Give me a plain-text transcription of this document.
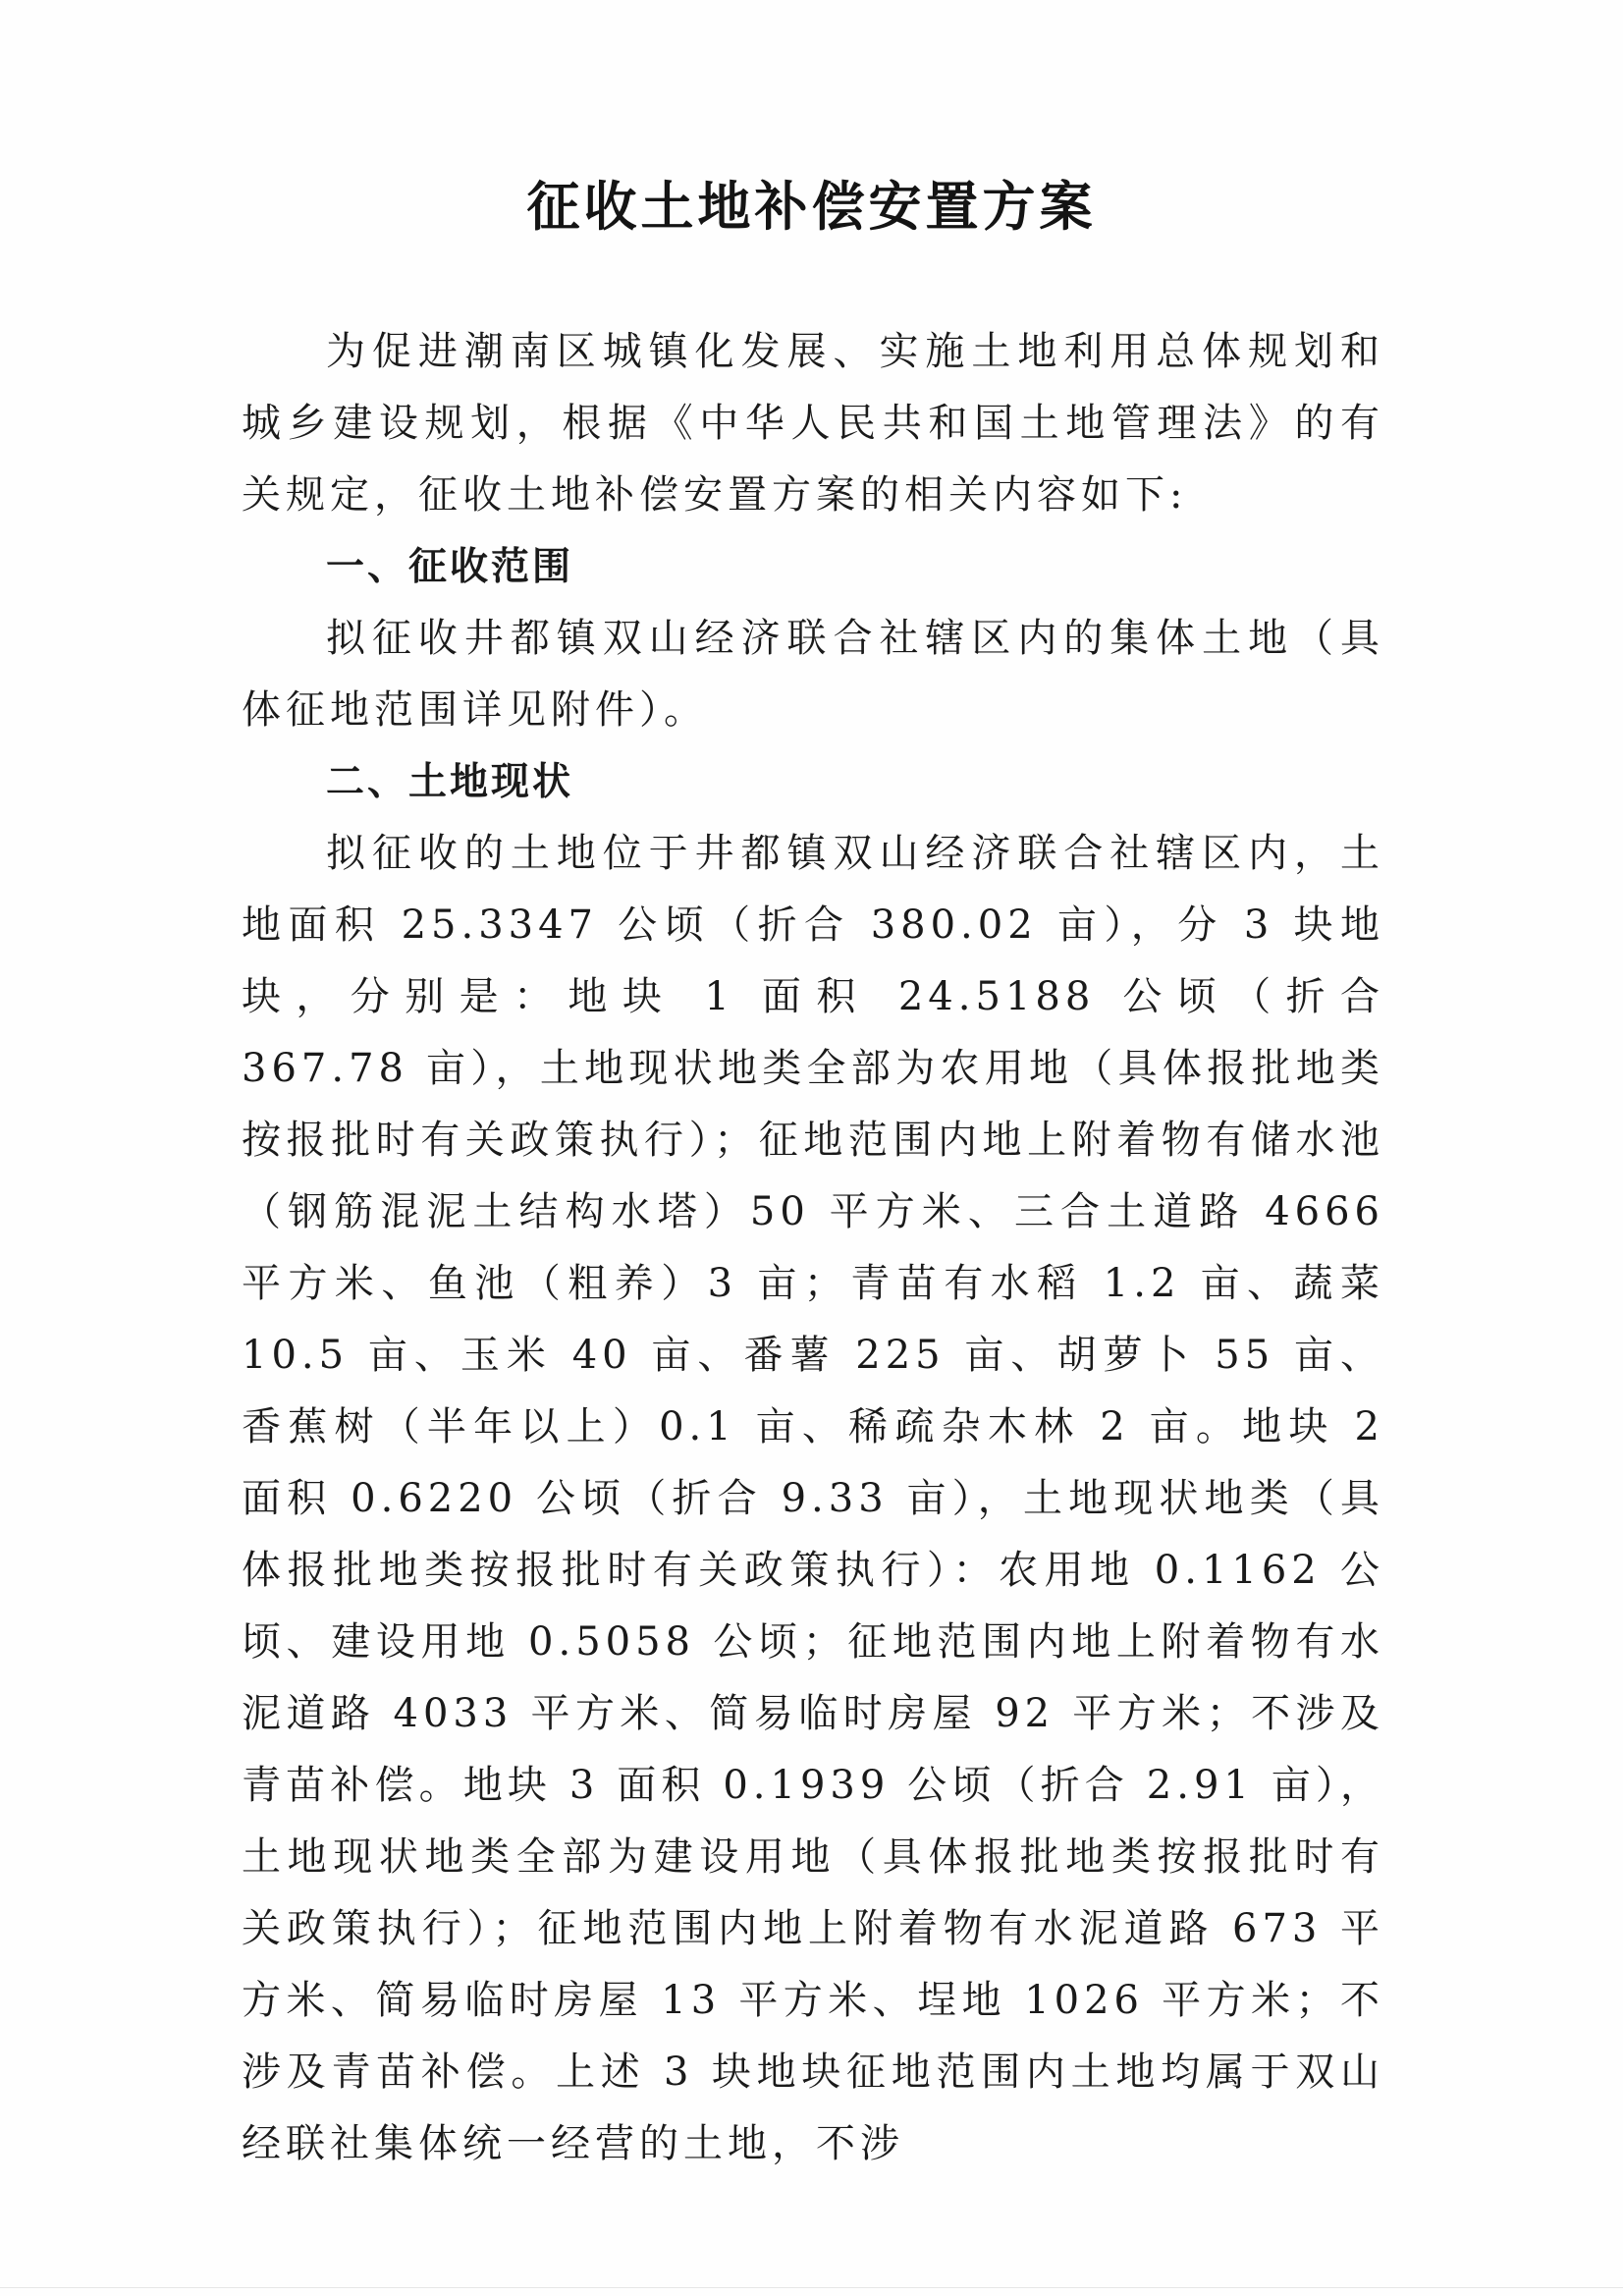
征收土地补偿安置方案

为促进潮南区城镇化发展、实施土地利用总体规划和城乡建设规划，根据《中华人民共和国土地管理法》的有关规定，征收土地补偿安置方案的相关内容如下:

一、征收范围

拟征收井都镇双山经济联合社辖区内的集体土地（具体征地范围详见附件）。

二、土地现状

拟征收的土地位于井都镇双山经济联合社辖区内，土地面积 25.3347 公顷（折合 380.02 亩），分 3 块地块，分别是：地块 1 面积 24.5188 公顷（折合 367.78 亩），土地现状地类全部为农用地（具体报批地类按报批时有关政策执行）；征地范围内地上附着物有储水池（钢筋混泥土结构水塔）50 平方米、三合土道路 4666 平方米、鱼池（粗养）3 亩；青苗有水稻 1.2 亩、蔬菜 10.5 亩、玉米 40 亩、番薯 225 亩、胡萝卜 55 亩、香蕉树（半年以上）0.1 亩、稀疏杂木林 2 亩。地块 2 面积 0.6220 公顷（折合 9.33 亩），土地现状地类（具体报批地类按报批时有关政策执行）：农用地 0.1162 公顷、建设用地 0.5058 公顷；征地范围内地上附着物有水泥道路 4033 平方米、简易临时房屋 92 平方米；不涉及青苗补偿。地块 3 面积 0.1939 公顷（折合 2.91 亩），土地现状地类全部为建设用地（具体报批地类按报批时有关政策执行）；征地范围内地上附着物有水泥道路 673 平方米、简易临时房屋 13 平方米、埕地 1026 平方米；不涉及青苗补偿。上述 3 块地块征地范围内土地均属于双山经联社集体统一经营的土地，不涉
